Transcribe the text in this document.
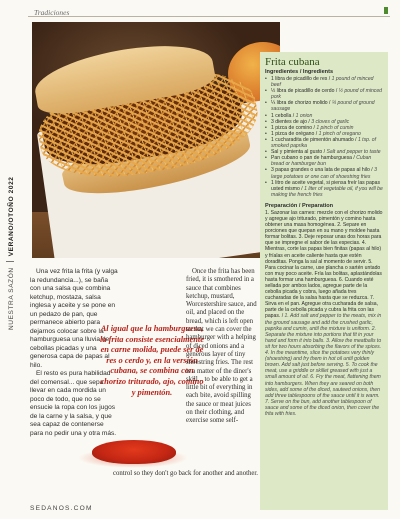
Tradiciones
NUESTRA SAZÓNVERANO/OTOÑO 2022
Frita cubana
Ingredientes / Ingredients
• 1 libra de picadillo de res / 1 pound of minced beef
• ½ libra de picadillo de cerdo / ½ pound of minced pork
• ¼ libra de chorizo molido / ¼ pound of ground sausage
• 1 cebolla / 1 onion
• 3 dientes de ajo / 3 cloves of garlic
• 1 pizca de comino / 1 pinch of cumin
• 1 pizca de orégano / 1 pinch of oregano
• 1 cucharadita de pimentón ahumado / 1 tsp. of smoked paprika
• Sal y pimienta al gusto / Salt and pepper to taste
• Pan cubano o pan de hamburguesa / Cuban bread or hamburger bun
• 3 papas grandes o una lata de papas al hilo / 3 large potatoes or one can of shoestring fries
• 1 litro de aceite vegetal, si piensa freír las papas usted mismo / 1 liter of vegetable oil, if you will be making the french fries
Preparación / Preparation
1. Sazonar las carnes: mezcle con el chorizo molido y agregue ajo triturado, pimentón y comino hasta obtener una masa homogénea. 2. Separe en porciones que quepan en su mano y moldee hasta formar bolitas. 3. Deje reposar unas dos horas para que se impregne el sabor de las especias. 4. Mientras, corte las papas bien finitas (papas al hilo) y fríalas en aceite caliente hasta que estén doraditas. Ponga la sal al momento de servir. 5. Para cocinar la carne, use plancha o sartén untado con muy poco aceite. Fría las bolitas, aplastándolas hasta formar una hamburguesa. 6. Cuando esté sellada por ambos lados, agregue parte de la cebolla picada y cobra, luego añada tres cucharadas de la salsa hasta que se reduzca. 7. Sirva en el pan. Agregue otra cucharada de salsa, parte de la cebolla picada y cubra la frita con las papas. / 1. Add salt and pepper to the meats, mix in the ground sausage and add the crushed garlic, paprika and cumin, until the mixture is uniform. 2. Separate the mixture into portions that fit in your hand and form it into balls. 3. Allow the meatballs to sit for two hours absorbing the flavors of the spices. 4. In the meantime, slice the potatoes very thinly (shoestring) and fry them in hot oil until golden brown. Add salt just before serving. 5. To cook the meat, use a griddle or skillet greased with just a small amount of oil. 6. Fry the meat, flattening them into hamburgers. When they are seared on both sides, add some of the diced, sauteed onions, then add three tablespoons of the sauce until it is warm. 7. Serve on the bun, add another tablespoon of sauce and some of the diced onion, then cover the frita with fries.

Una vez frita la frita (y valga la redundancia...), se baña con una salsa que combina ketchup, mostaza, salsa inglesa y aceite y se pone en un pedazo de pan, que permanece abierto para dejarnos colocar sobre la hamburguesa una lluvia de cebollas picadas y una generosa capa de papas al hilo.

El resto es pura habilidad del comensal... que sepa llevar en cada mordida un poco de todo, que no se ensucie la ropa con los jugos de la carne y la salsa, y que sea capaz de contenerse para no pedir una y otra más.

Al igual que la hamburguesa, la frita consiste esencialmente en carne molida, puede ser de res o cerdo y, en la versión cubana, se combina con chorizo triturado, ajo, comino y pimentón.

Once the frita has been fried, it is smothered in a sauce that combines ketchup, mustard, Worcestershire sauce, and oil, and placed on the bread, which is left open so that we can cover the hamburger with a helping of diced onions and a generous layer of tiny shoestring fries. The rest is a matter of the diner's skill... to be able to get a little bit of everything in each bite, avoid spilling the sauce or meat juices on their clothing, and exercise some self-

control so they don't go back for another and another.
SEDANOS.COM
